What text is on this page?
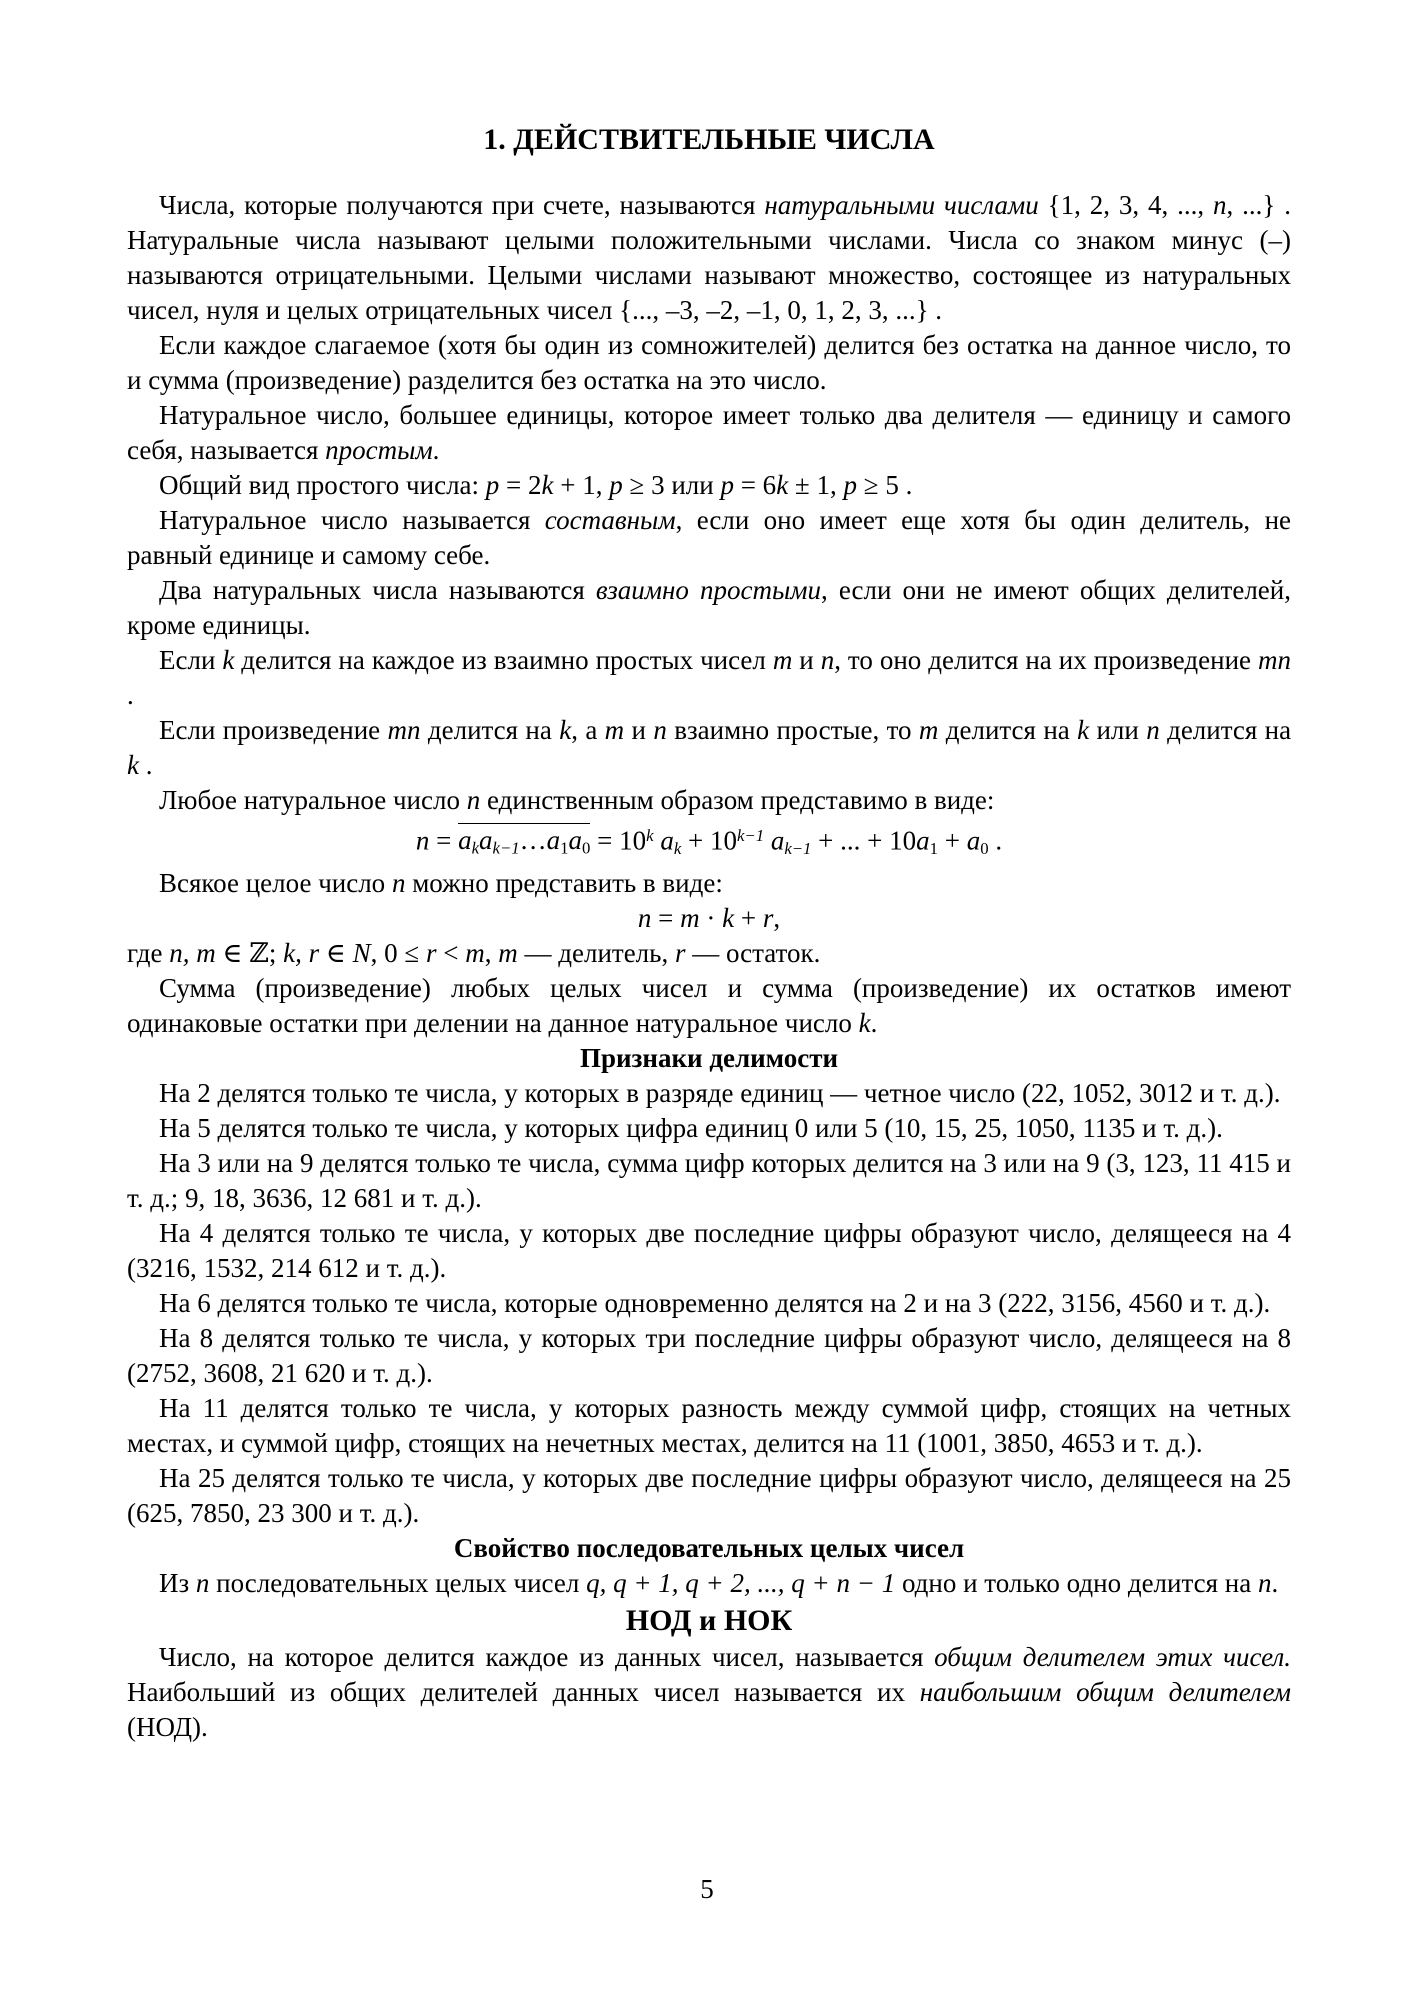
1. ДЕЙСТВИТЕЛЬНЫЕ ЧИСЛА
Числа, которые получаются при счете, называются натуральными числами {1, 2, 3, 4, ..., n, ...} . Натуральные числа называют целыми положительными числами. Числа со знаком минус (–) называются отрицательными. Целыми числами называют множество, состоящее из натуральных чисел, нуля и целых отрицательных чисел {..., –3, –2, –1, 0, 1, 2, 3, ...} .
Если каждое слагаемое (хотя бы один из сомножителей) делится без остатка на данное число, то и сумма (произведение) разделится без остатка на это число.
Натуральное число, большее единицы, которое имеет только два делителя — единицу и самого себя, называется простым.
Общий вид простого числа: p = 2k + 1, p ≥ 3 или p = 6k ± 1, p ≥ 5 .
Натуральное число называется составным, если оно имеет еще хотя бы один делитель, не равный единице и самому себе.
Два натуральных числа называются взаимно простыми, если они не имеют общих делителей, кроме единицы.
Если k делится на каждое из взаимно простых чисел m и n, то оно делится на их произведение mn .
Если произведение mn делится на k, а m и n взаимно простые, то m делится на k или n делится на k .
Любое натуральное число n единственным образом представимо в виде:
$n = a_ka_{k-1}\dots a_1a_0 = 10^k$ $a_k + 10^{k-1}$ $a_{k-1}$ + ... + $10a_1 + a_0$ .
Всякое целое число n можно представить в виде:
n = m · k + r,
где n, m ∈ ℤ; k, r ∈ N, 0 ≤ r < m, m — делитель, r — остаток.
Сумма (произведение) любых целых чисел и сумма (произведение) их остатков имеют одинаковые остатки при делении на данное натуральное число k.
Признаки делимости
На 2 делятся только те числа, у которых в разряде единиц — четное число (22, 1052, 3012 и т. д.).
На 5 делятся только те числа, у которых цифра единиц 0 или 5 (10, 15, 25, 1050, 1135 и т. д.).
На 3 или на 9 делятся только те числа, сумма цифр которых делится на 3 или на 9 (3, 123, 11 415 и т. д.; 9, 18, 3636, 12 681 и т. д.).
На 4 делятся только те числа, у которых две последние цифры образуют число, делящееся на 4 (3216, 1532, 214 612 и т. д.).
На 6 делятся только те числа, которые одновременно делятся на 2 и на 3 (222, 3156, 4560 и т. д.).
На 8 делятся только те числа, у которых три последние цифры образуют число, делящееся на 8 (2752, 3608, 21 620 и т. д.).
На 11 делятся только те числа, у которых разность между суммой цифр, стоящих на четных местах, и суммой цифр, стоящих на нечетных местах, делится на 11 (1001, 3850, 4653 и т. д.).
На 25 делятся только те числа, у которых две последние цифры образуют число, делящееся на 25 (625, 7850, 23 300 и т. д.).
Свойство последовательных целых чисел
Из n последовательных целых чисел q, q + 1, q + 2, ..., q + n − 1 одно и только одно делится на n.
НОД и НОК
Число, на которое делится каждое из данных чисел, называется общим делителем этих чисел. Наибольший из общих делителей данных чисел называется их наибольшим общим делителем (НОД).
5
